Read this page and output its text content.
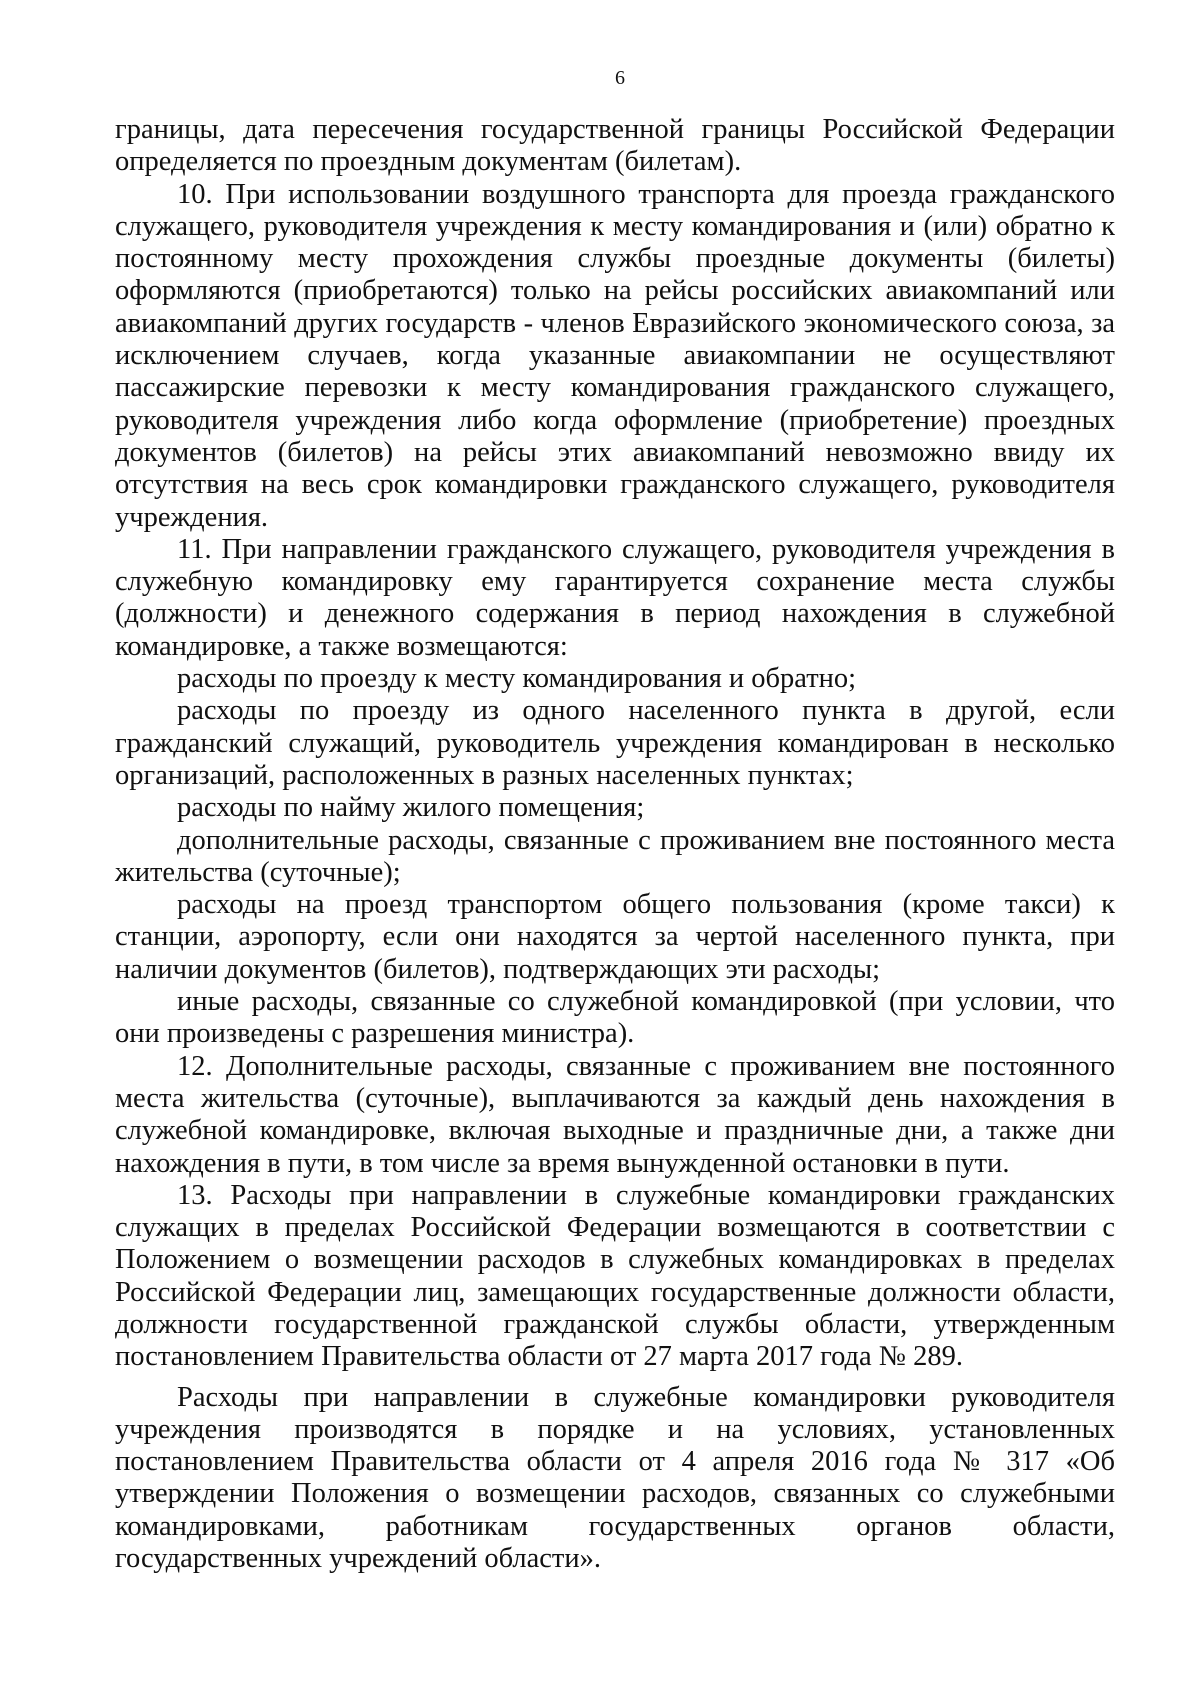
6

границы, дата пересечения государственной границы Российской Федерации определяется по проездным документам (билетам).

10. При использовании воздушного транспорта для проезда гражданского служащего, руководителя учреждения к месту командирования и (или) обратно к постоянному месту прохождения службы проездные документы (билеты) оформляются (приобретаются) только на рейсы российских авиакомпаний или авиакомпаний других государств - членов Евразийского экономического союза, за исключением случаев, когда указанные авиакомпании не осуществляют пассажирские перевозки к месту командирования гражданского служащего, руководителя учреждения либо когда оформление (приобретение) проездных документов (билетов) на рейсы этих авиакомпаний невозможно ввиду их отсутствия на весь срок командировки гражданского служащего, руководителя учреждения.

11. При направлении гражданского служащего, руководителя учреждения в служебную командировку ему гарантируется сохранение места службы (должности) и денежного содержания в период нахождения в служебной командировке, а также возмещаются:

расходы по проезду к месту командирования и обратно;

расходы по проезду из одного населенного пункта в другой, если гражданский служащий, руководитель учреждения командирован в несколько организаций, расположенных в разных населенных пунктах;

расходы по найму жилого помещения;

дополнительные расходы, связанные с проживанием вне постоянного места жительства (суточные);

расходы на проезд транспортом общего пользования (кроме такси) к станции, аэропорту, если они находятся за чертой населенного пункта, при наличии документов (билетов), подтверждающих эти расходы;

иные расходы, связанные со служебной командировкой (при условии, что они произведены с разрешения министра).

12. Дополнительные расходы, связанные с проживанием вне постоянного места жительства (суточные), выплачиваются за каждый день нахождения в служебной командировке, включая выходные и праздничные дни, а также дни нахождения в пути, в том числе за время вынужденной остановки в пути.

13. Расходы при направлении в служебные командировки гражданских служащих в пределах Российской Федерации возмещаются в соответствии с Положением о возмещении расходов в служебных командировках в пределах Российской Федерации лиц, замещающих государственные должности области, должности государственной гражданской службы области, утвержденным постановлением Правительства области от 27 марта 2017 года № 289.

Расходы при направлении в служебные командировки руководителя учреждения производятся в порядке и на условиях, установленных постановлением Правительства области от 4 апреля 2016 года № 317 «Об утверждении Положения о возмещении расходов, связанных со служебными командировками, работникам государственных органов области, государственных учреждений области».
